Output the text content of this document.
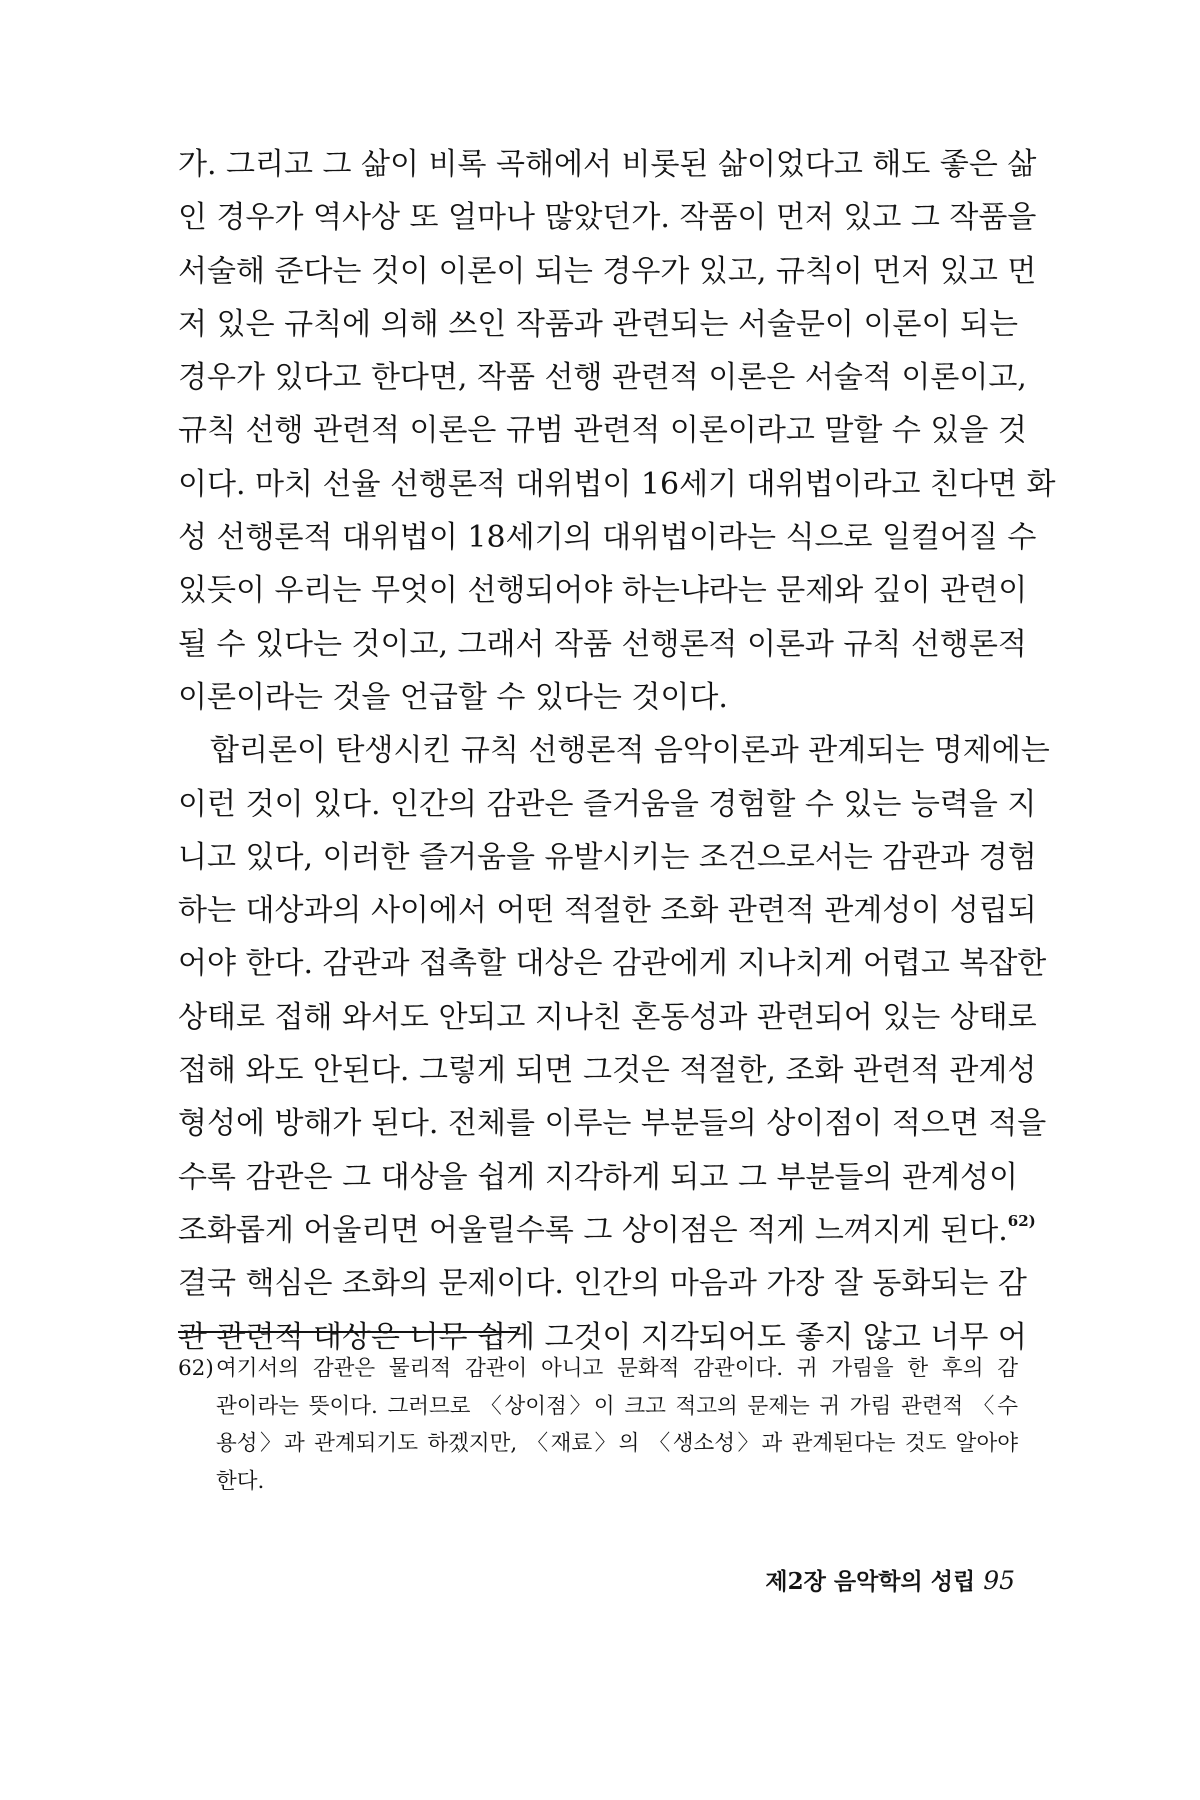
가. 그리고 그 삶이 비록 곡해에서 비롯된 삶이었다고 해도 좋은 삶
인 경우가 역사상 또 얼마나 많았던가. 작품이 먼저 있고 그 작품을
서술해 준다는 것이 이론이 되는 경우가 있고, 규칙이 먼저 있고 먼
저 있은 규칙에 의해 쓰인 작품과 관련되는 서술문이 이론이 되는
경우가 있다고 한다면, 작품 선행 관련적 이론은 서술적 이론이고,
규칙 선행 관련적 이론은 규범 관련적 이론이라고 말할 수 있을 것
이다. 마치 선율 선행론적 대위법이 16세기 대위법이라고 친다면 화
성 선행론적 대위법이 18세기의 대위법이라는 식으로 일컬어질 수
있듯이 우리는 무엇이 선행되어야 하는냐라는 문제와 깊이 관련이
될 수 있다는 것이고, 그래서 작품 선행론적 이론과 규칙 선행론적
이론이라는 것을 언급할 수 있다는 것이다.
합리론이 탄생시킨 규칙 선행론적 음악이론과 관계되는 명제에는
이런 것이 있다. 인간의 감관은 즐거움을 경험할 수 있는 능력을 지
니고 있다, 이러한 즐거움을 유발시키는 조건으로서는 감관과 경험
하는 대상과의 사이에서 어떤 적절한 조화 관련적 관계성이 성립되
어야 한다. 감관과 접촉할 대상은 감관에게 지나치게 어렵고 복잡한
상태로 접해 와서도 안되고 지나친 혼동성과 관련되어 있는 상태로
접해 와도 안된다. 그렇게 되면 그것은 적절한, 조화 관련적 관계성
형성에 방해가 된다. 전체를 이루는 부분들의 상이점이 적으면 적을
수록 감관은 그 대상을 쉽게 지각하게 되고 그 부분들의 관계성이
조화롭게 어울리면 어울릴수록 그 상이점은 적게 느껴지게 된다.$^{62)}$
결국 핵심은 조화의 문제이다. 인간의 마음과 가장 잘 동화되는 감
관 관련적 대상은 너무 쉽게 그것이 지각되어도 좋지 않고 너무 어
62) 여기서의 감관은 물리적 감관이 아니고 문화적 감관이다. 귀 가림을 한 후의 감
관이라는 뜻이다. 그러므로 〈상이점〉이 크고 적고의 문제는 귀 가림 관련적 〈수
용성〉과 관계되기도 하겠지만, 〈재료〉의 〈생소성〉과 관계된다는 것도 알아야
한다.
제2장 음악학의 성립 95
